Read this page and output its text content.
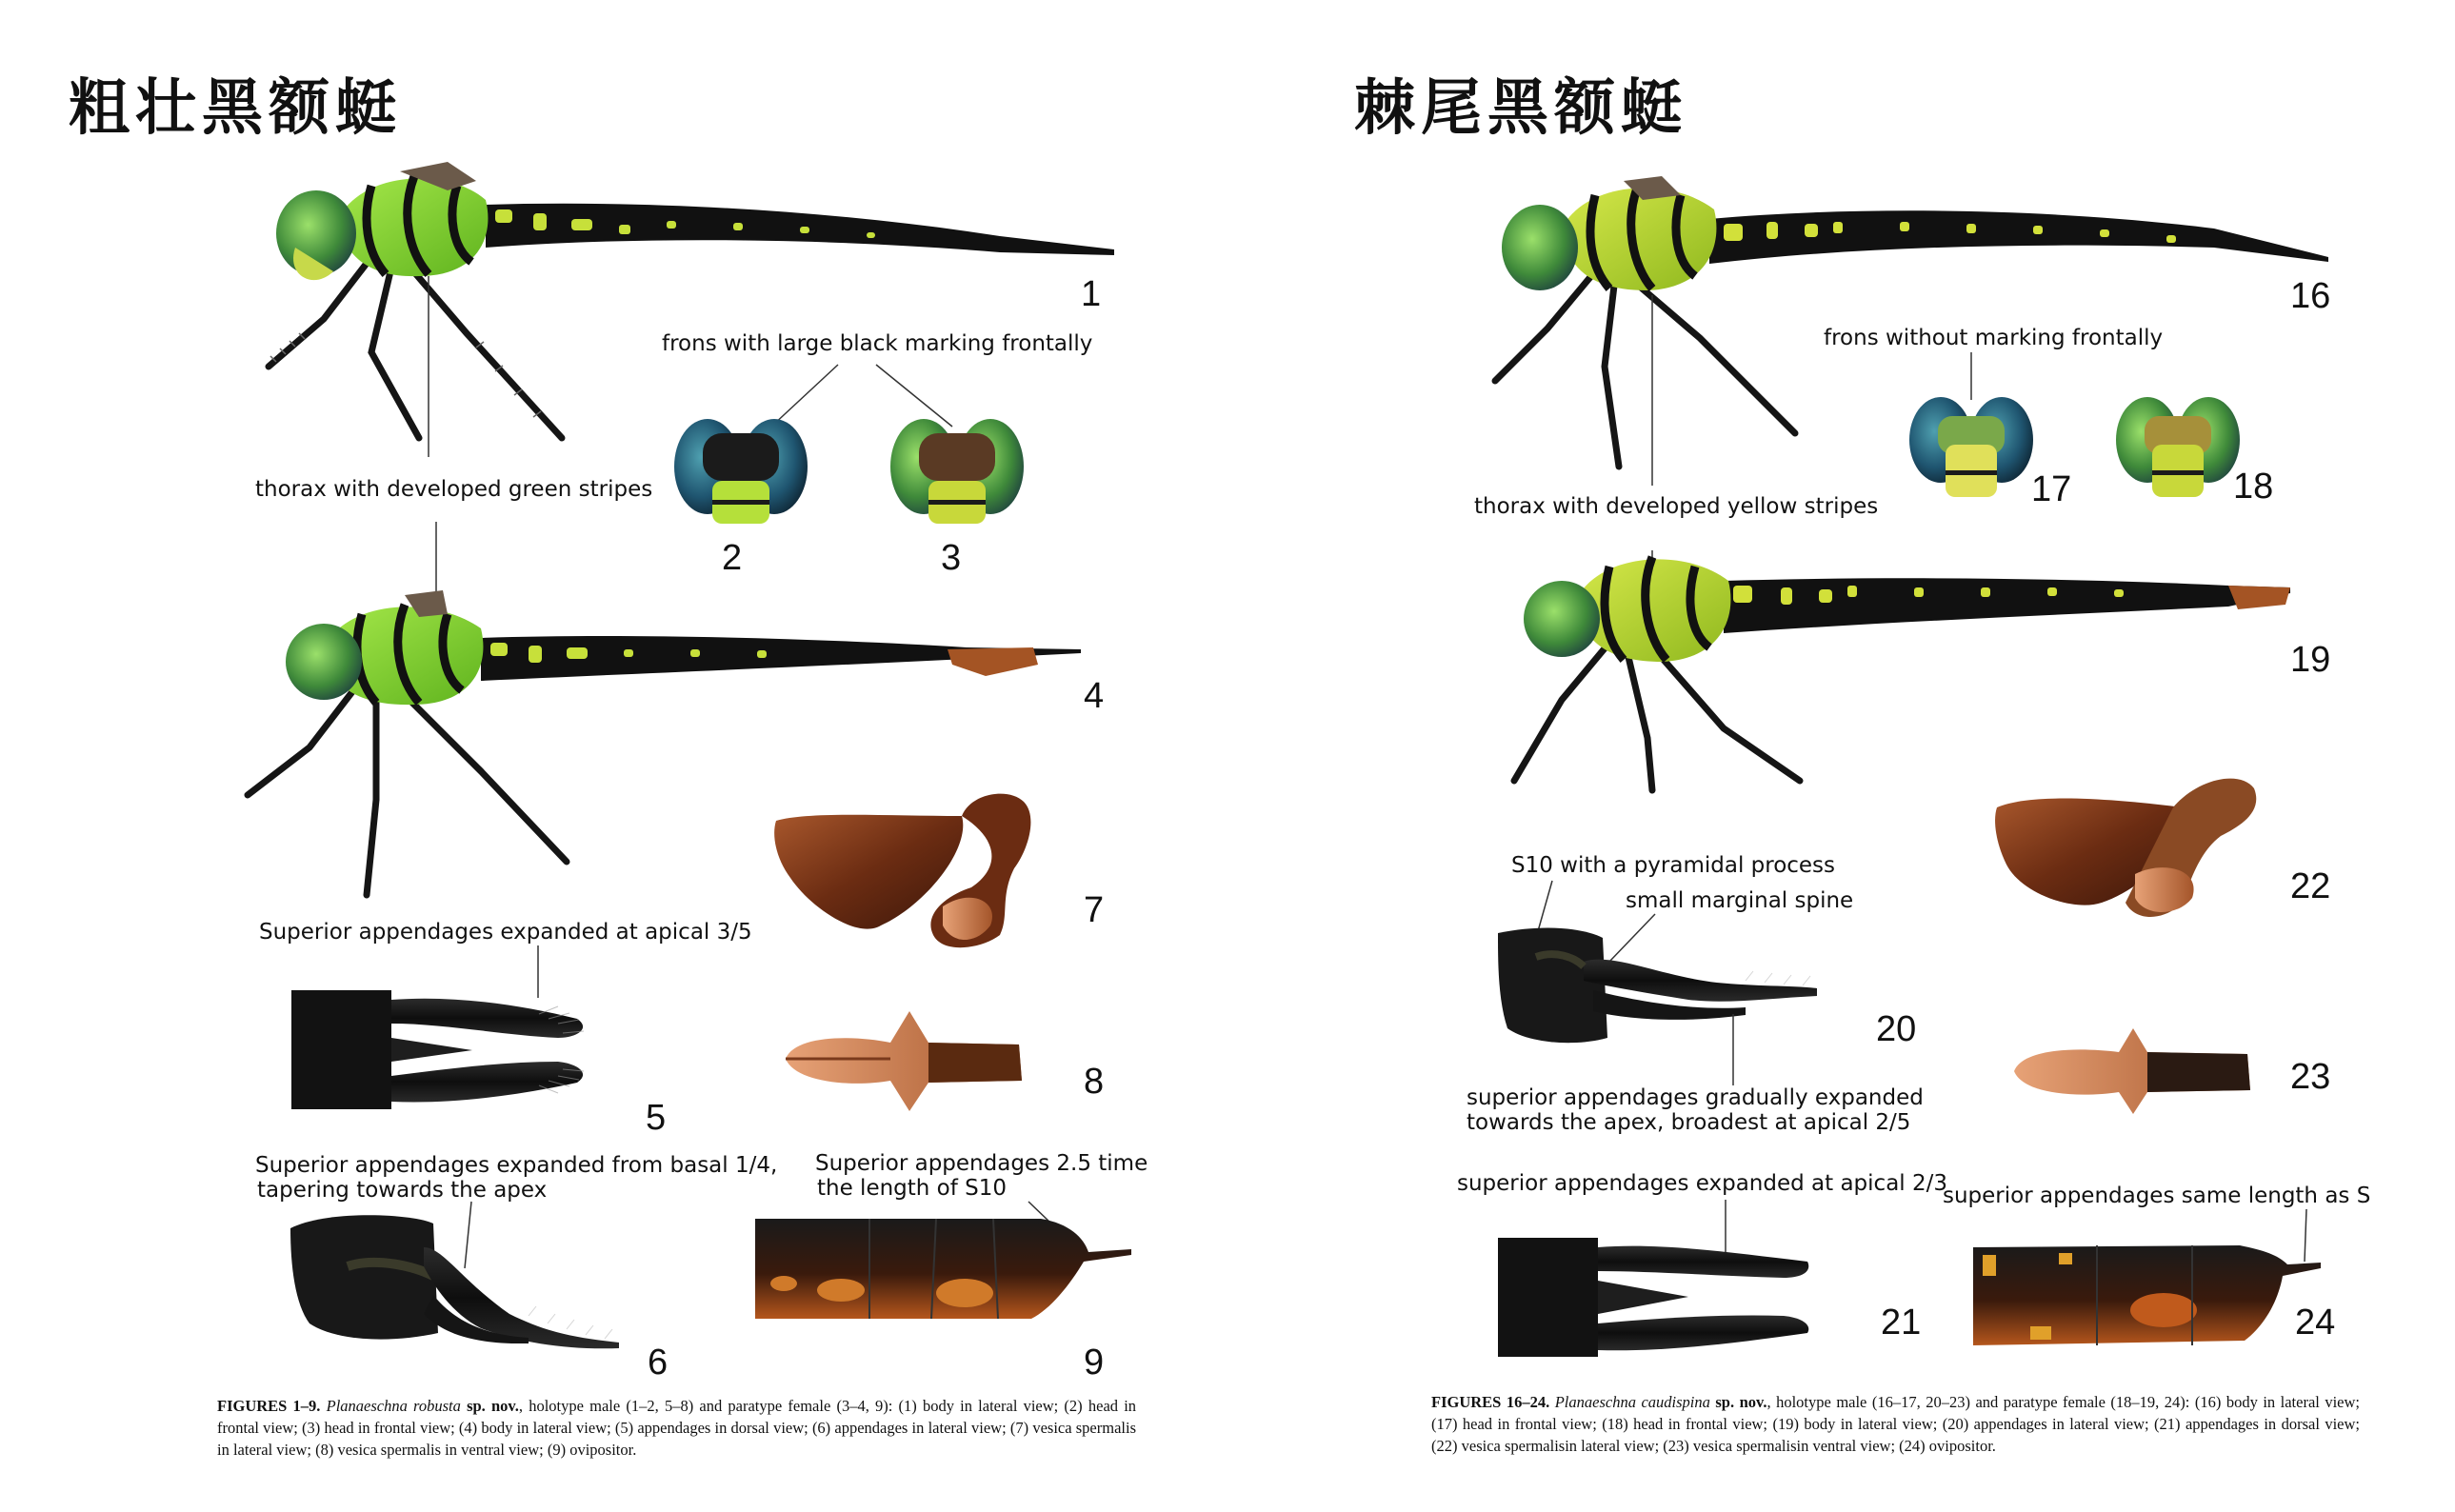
粗壮黑额蜓
1
thorax with developed green stripes
frons with large black marking frontally
2	3
4
7
Superior appendages expanded at apical 3/5
5
8
Superior appendages expanded from basal 1/4,
tapering towards the apex
Superior appendages 2.5 time
the length of S10
6	9
FIGURES 1–9. Planaeschna robusta sp. nov., holotype male (1–2, 5–8) and paratype female (3–4, 9): (1) body in lateral view; (2) head in frontal view; (3) head in frontal view; (4) body in lateral view; (5) appendages in dorsal view; (6) appendages in lateral view; (7) vesica spermalis in lateral view; (8) vesica spermalis in ventral view; (9) ovipositor.
棘尾黑额蜓
16
thorax with developed yellow stripes
frons without marking frontally
17	18
19
22
S10 with a pyramidal process
small marginal spine
20
superior appendages gradually expanded
towards the apex, broadest at apical 2/5
23
superior appendages expanded at apical 2/3
superior appendages same length as S
21	24
FIGURES 16–24. Planaeschna caudispina sp. nov., holotype male (16–17, 20–23) and paratype female (18–19, 24): (16) body in lateral view; (17) head in frontal view; (18) head in frontal view; (19) body in lateral view; (20) appendages in lateral view; (21) appendages in dorsal view; (22) vesica spermalisin lateral view; (23) vesica spermalisin ventral view; (24) ovipositor.
